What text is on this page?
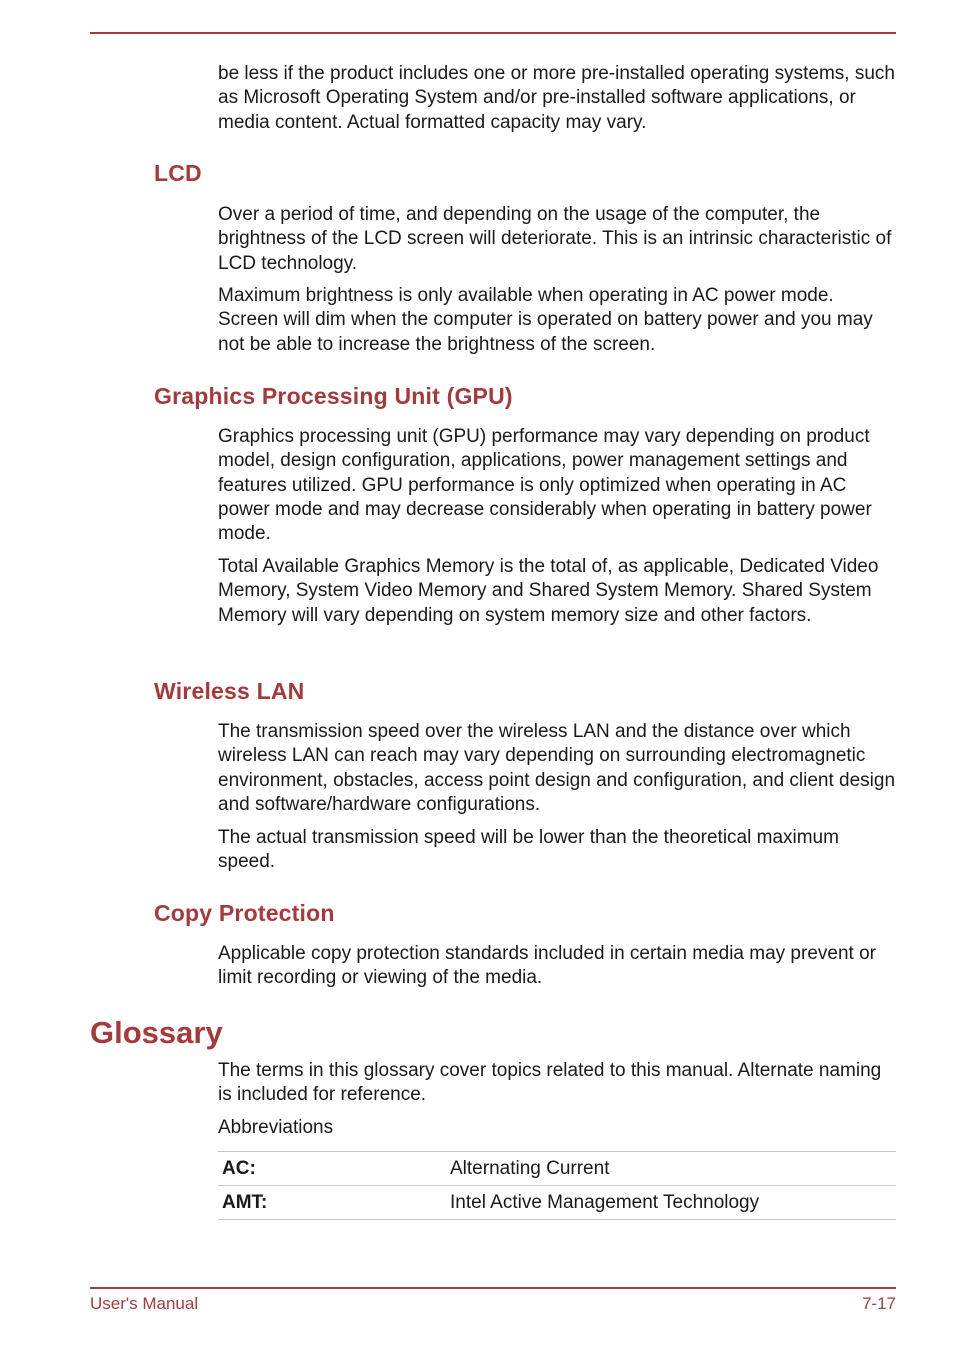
be less if the product includes one or more pre-installed operating systems, such as Microsoft Operating System and/or pre-installed software applications, or media content. Actual formatted capacity may vary.

LCD

Over a period of time, and depending on the usage of the computer, the brightness of the LCD screen will deteriorate. This is an intrinsic characteristic of LCD technology.

Maximum brightness is only available when operating in AC power mode. Screen will dim when the computer is operated on battery power and you may not be able to increase the brightness of the screen.

Graphics Processing Unit (GPU)

Graphics processing unit (GPU) performance may vary depending on product model, design configuration, applications, power management settings and features utilized. GPU performance is only optimized when operating in AC power mode and may decrease considerably when operating in battery power mode.

Total Available Graphics Memory is the total of, as applicable, Dedicated Video Memory, System Video Memory and Shared System Memory. Shared System Memory will vary depending on system memory size and other factors.

Wireless LAN

The transmission speed over the wireless LAN and the distance over which wireless LAN can reach may vary depending on surrounding electromagnetic environment, obstacles, access point design and configuration, and client design and software/hardware configurations.

The actual transmission speed will be lower than the theoretical maximum speed.

Copy Protection

Applicable copy protection standards included in certain media may prevent or limit recording or viewing of the media.

Glossary

The terms in this glossary cover topics related to this manual. Alternate naming is included for reference.

Abbreviations

AC:	Alternating Current
AMT:	Intel Active Management Technology
User's Manual	7-17
